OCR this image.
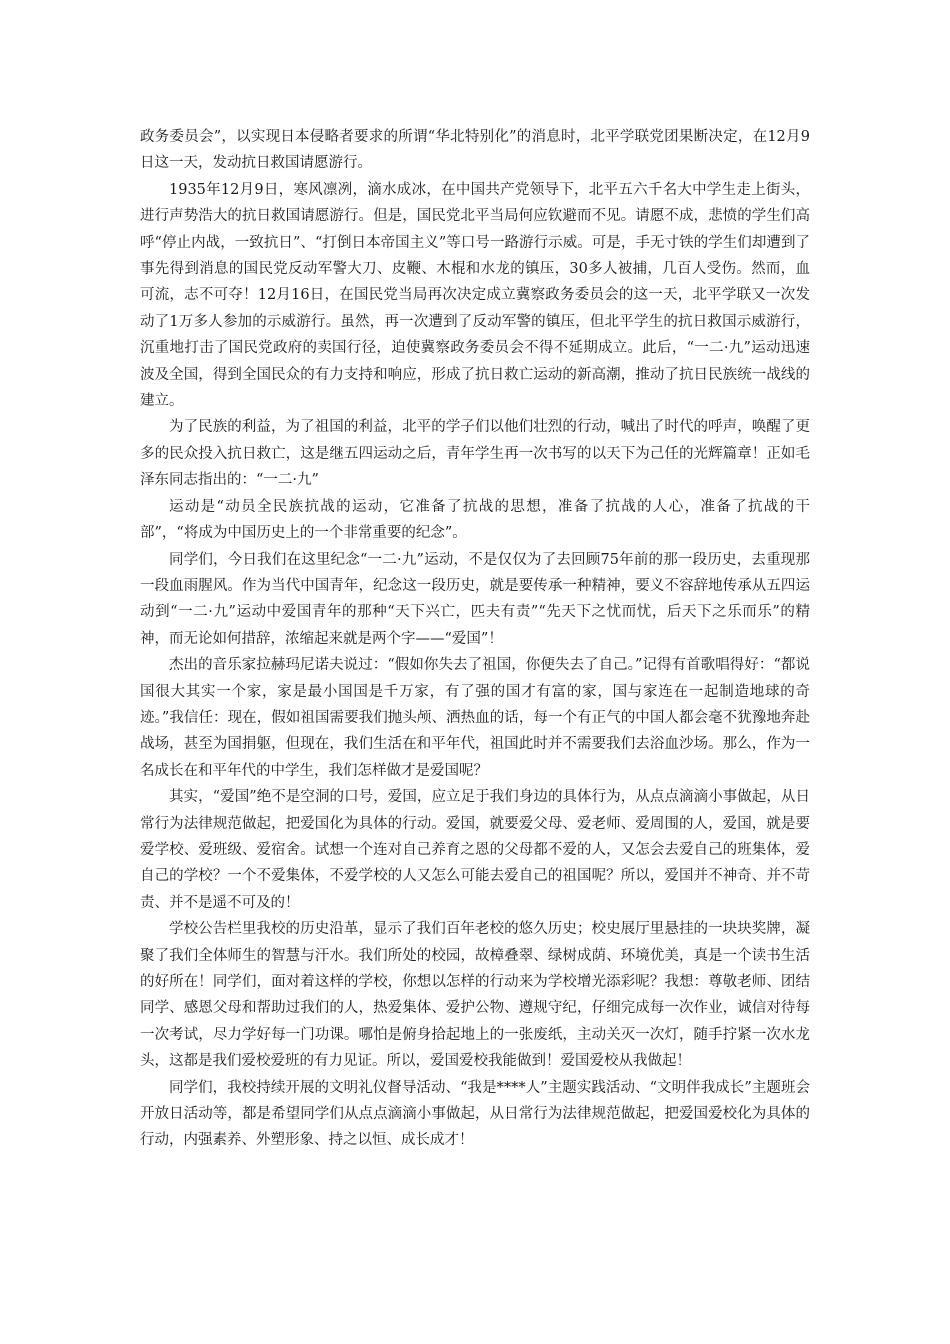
政务委员会”，以实现日本侵略者要求的所谓“华北特别化”的消息时，北平学联党团果断决定，在12月9日这一天，发动抗日救国请愿游行。

1935年12月9日，寒风凛冽，滴水成冰，在中国共产党领导下，北平五六千名大中学生走上街头，进行声势浩大的抗日救国请愿游行。但是，国民党北平当局何应钦避而不见。请愿不成，悲愤的学生们高呼“停止内战，一致抗日”、“打倒日本帝国主义”等口号一路游行示威。可是，手无寸铁的学生们却遭到了事先得到消息的国民党反动军警大刀、皮鞭、木棍和水龙的镇压，30多人被捕，几百人受伤。然而，血可流，志不可夺！12月16日，在国民党当局再次决定成立冀察政务委员会的这一天，北平学联又一次发动了1万多人参加的示威游行。虽然，再一次遭到了反动军警的镇压，但北平学生的抗日救国示威游行，沉重地打击了国民党政府的卖国行径，迫使冀察政务委员会不得不延期成立。此后，“一二·九”运动迅速波及全国，得到全国民众的有力支持和响应，形成了抗日救亡运动的新高潮，推动了抗日民族统一战线的建立。

为了民族的利益，为了祖国的利益，北平的学子们以他们壮烈的行动，喊出了时代的呼声，唤醒了更多的民众投入抗日救亡，这是继五四运动之后，青年学生再一次书写的以天下为己任的光辉篇章！正如毛泽东同志指出的：“一二·九”

运动是“动员全民族抗战的运动，它准备了抗战的思想，准备了抗战的人心，准备了抗战的干部”，“将成为中国历史上的一个非常重要的纪念”。

同学们，今日我们在这里纪念“一二·九”运动，不是仅仅为了去回顾75年前的那一段历史，去重现那一段血雨腥风。作为当代中国青年，纪念这一段历史，就是要传承一种精神，要义不容辞地传承从五四运动到“一二·九”运动中爱国青年的那种“天下兴亡，匹夫有责”“先天下之忧而忧，后天下之乐而乐”的精神，而无论如何措辞，浓缩起来就是两个字——“爱国”！

杰出的音乐家拉赫玛尼诺夫说过：“假如你失去了祖国，你便失去了自己。”记得有首歌唱得好：“都说国很大其实一个家，家是最小国国是千万家，有了强的国才有富的家，国与家连在一起制造地球的奇迹。”我信任：现在，假如祖国需要我们抛头颅、洒热血的话，每一个有正气的中国人都会毫不犹豫地奔赴战场，甚至为国捐躯，但现在，我们生活在和平年代，祖国此时并不需要我们去浴血沙场。那么，作为一名成长在和平年代的中学生，我们怎样做才是爱国呢？

其实，“爱国”绝不是空洞的口号，爱国，应立足于我们身边的具体行为，从点点滴滴小事做起，从日常行为法律规范做起，把爱国化为具体的行动。爱国，就要爱父母、爱老师、爱周围的人，爱国，就是要爱学校、爱班级、爱宿舍。试想一个连对自己养育之恩的父母都不爱的人，又怎会去爱自己的班集体，爱自己的学校？一个不爱集体，不爱学校的人又怎么可能去爱自己的祖国呢？所以，爱国并不神奇、并不苛责、并不是遥不可及的！

学校公告栏里我校的历史沿革，显示了我们百年老校的悠久历史；校史展厅里悬挂的一块块奖牌，凝聚了我们全体师生的智慧与汗水。我们所处的校园，故樟叠翠、绿树成荫、环境优美，真是一个读书生活的好所在！同学们，面对着这样的学校，你想以怎样的行动来为学校增光添彩呢？我想：尊敬老师、团结同学、感恩父母和帮助过我们的人，热爱集体、爱护公物、遵规守纪，仔细完成每一次作业，诚信对待每一次考试，尽力学好每一门功课。哪怕是俯身拾起地上的一张废纸，主动关灭一次灯，随手拧紧一次水龙头，这都是我们爱校爱班的有力见证。所以，爱国爱校我能做到！爱国爱校从我做起！

同学们，我校持续开展的文明礼仪督导活动、“我是****人”主题实践活动、“文明伴我成长”主题班会开放日活动等，都是希望同学们从点点滴滴小事做起，从日常行为法律规范做起，把爱国爱校化为具体的行动，内强素养、外塑形象、持之以恒、成长成才！
